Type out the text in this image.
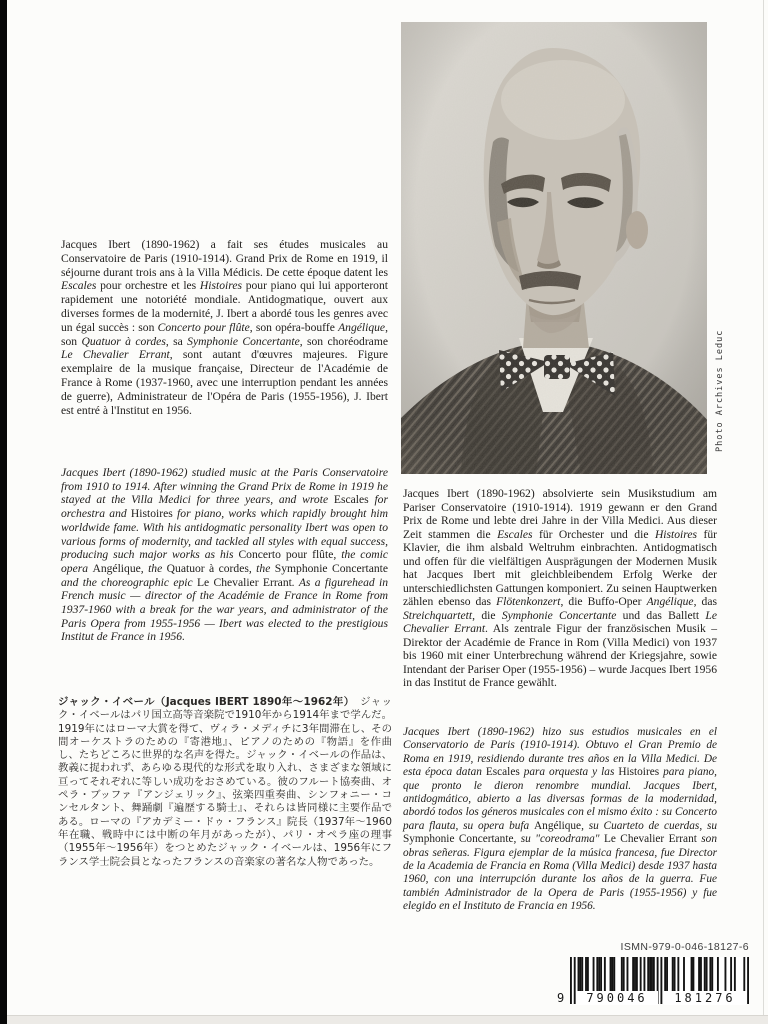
Photo Archives Leduc
Jacques Ibert (1890-1962) a fait ses études musicales au Conservatoire de Paris (1910-1914). Grand Prix de Rome en 1919, il séjourne durant trois ans à la Villa Médicis. De cette époque datent les Escales pour orchestre et les Histoires pour piano qui lui apporteront rapidement une notoriété mondiale. Antidogmatique, ouvert aux diverses formes de la modernité, J. Ibert a abordé tous les genres avec un égal succès : son Concerto pour flûte, son opéra-bouffe Angélique, son Quatuor à cordes, sa Symphonie Concertante, son choréodrame Le Chevalier Errant, sont autant d'œuvres majeures. Figure exemplaire de la musique française, Directeur de l'Académie de France à Rome (1937-1960, avec une interruption pendant les années de guerre), Administrateur de l'Opéra de Paris (1955-1956), J. Ibert est entré à l'Institut en 1956.
Jacques Ibert (1890-1962) studied music at the Paris Conservatoire from 1910 to 1914. After winning the Grand Prix de Rome in 1919 he stayed at the Villa Medici for three years, and wrote Escales for orchestra and Histoires for piano, works which rapidly brought him worldwide fame. With his antidogmatic personality Ibert was open to various forms of modernity, and tackled all styles with equal success, producing such major works as his Concerto pour flûte, the comic opera Angélique, the Quatuor à cordes, the Symphonie Concertante and the choreographic epic Le Chevalier Errant. As a figurehead in French music — director of the Académie de France in Rome from 1937-1960 with a break for the war years, and administrator of the Paris Opera from 1955-1956 — Ibert was elected to the prestigious Institut de France in 1956.
ジャック・イベール（Jacques IBERT 1890年〜1962年）　ジャック・イベールはパリ国立高等音楽院で1910年から1914年まで学んだ。1919年にはローマ大賞を得て、ヴィラ・メディチに3年間滞在し、その間オーケストラのための『寄港地』、ピアノのための『物語』を作曲し、たちどころに世界的な名声を得た。ジャック・イベールの作品は、教義に捉われず、あらゆる現代的な形式を取り入れ、さまざまな領域に亘ってそれぞれに等しい成功をおさめている。彼のフルート協奏曲、オペラ・ブッファ『アンジェリック』、弦楽四重奏曲、シンフォニー・コンセルタント、舞踊劇『遍歴する騎士』、それらは皆同様に主要作品である。ローマの『アカデミー・ドゥ・フランス』院長（1937年〜1960年在職、戦時中には中断の年月があったが）、パリ・オペラ座の理事（1955年〜1956年）をつとめたジャック・イベールは、1956年にフランス学士院会員となったフランスの音楽家の著名な人物であった。
Jacques Ibert (1890-1962) absolvierte sein Musikstudium am Pariser Conservatoire (1910-1914). 1919 gewann er den Grand Prix de Rome und lebte drei Jahre in der Villa Medici. Aus dieser Zeit stammen die Escales für Orchester und die Histoires für Klavier, die ihm alsbald Weltruhm einbrachten. Antidogmatisch und offen für die vielfältigen Ausprägungen der Modernen Musik hat Jacques Ibert mit gleichbleibendem Erfolg Werke der unterschiedlichsten Gattungen komponiert. Zu seinen Hauptwerken zählen ebenso das Flötenkonzert, die Buffo-Oper Angélique, das Streichquartett, die Symphonie Concertante und das Ballett Le Chevalier Errant. Als zentrale Figur der französischen Musik – Direktor der Académie de France in Rom (Villa Medici) von 1937 bis 1960 mit einer Unterbrechung während der Kriegsjahre, sowie Intendant der Pariser Oper (1955-1956) – wurde Jacques Ibert 1956 in das Institut de France gewählt.
Jacques Ibert (1890-1962) hizo sus estudios musicales en el Conservatorio de Paris (1910-1914). Obtuvo el Gran Premio de Roma en 1919, residiendo durante tres años en la Villa Medici. De esta época datan Escales para orquesta y las Histoires para piano, que pronto le dieron renombre mundial. Jacques Ibert, antidogmático, abierto a las diversas formas de la modernidad, abordó todos los géneros musicales con el mismo éxito : su Concerto para flauta, su opera bufa Angélique, su Cuarteto de cuerdas, su Symphonie Concertante, su "coreodrama" Le Chevalier Errant son obras señeras. Figura ejemplar de la música francesa, fue Director de la Academia de Francia en Roma (Villa Medici) desde 1937 hasta 1960, con una interrupción durante los años de la guerra. Fue también Administrador de la Opera de Paris (1955-1956) y fue elegido en el Instituto de Francia en 1956.
ISMN-979-0-046-18127-6
9	790046	181276
